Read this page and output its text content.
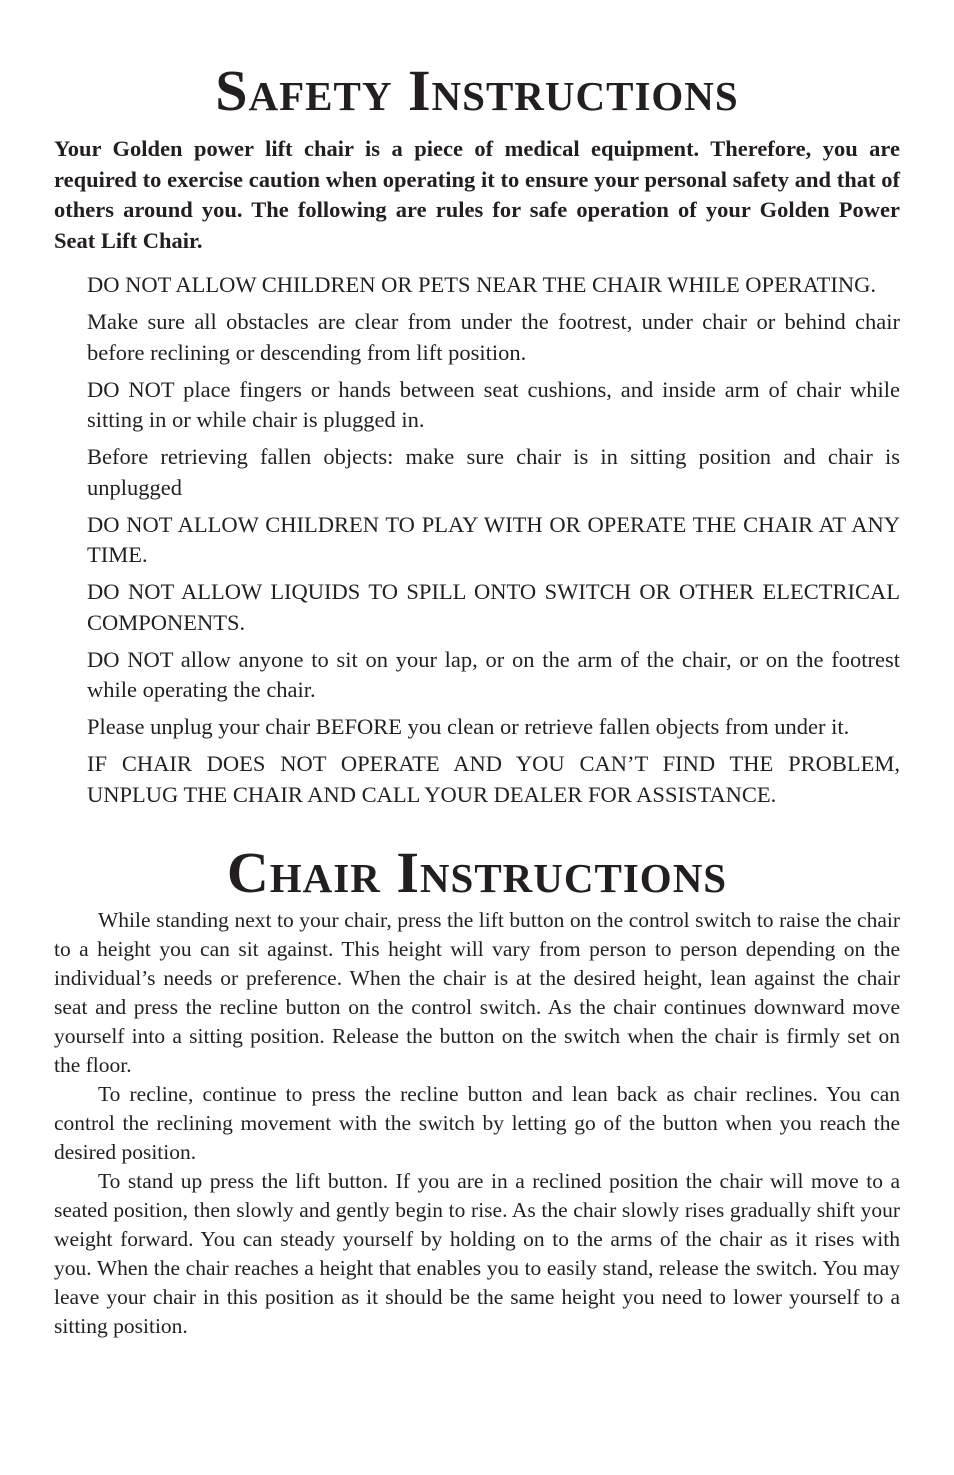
Safety Instructions

Your Golden power lift chair is a piece of medical equipment. Therefore, you are required to exercise caution when operating it to ensure your personal safety and that of others around you. The following are rules for safe operation of your Golden Power Seat Lift Chair.

DO NOT ALLOW CHILDREN OR PETS NEAR THE CHAIR WHILE OPERATING.
Make sure all obstacles are clear from under the footrest, under chair or behind chair before reclining or descending from lift position.
DO NOT place fingers or hands between seat cushions, and inside arm of chair while sitting in or while chair is plugged in.
Before retrieving fallen objects: make sure chair is in sitting position and chair is unplugged
DO NOT ALLOW CHILDREN TO PLAY WITH OR OPERATE THE CHAIR AT ANY TIME.
DO NOT ALLOW LIQUIDS TO SPILL ONTO SWITCH OR OTHER ELECTRICAL COMPONENTS.
DO NOT allow anyone to sit on your lap, or on the arm of the chair, or on the footrest while operating the chair.
Please unplug your chair BEFORE you clean or retrieve fallen objects from under it.
IF CHAIR DOES NOT OPERATE AND YOU CAN’T FIND THE PROBLEM, UNPLUG THE CHAIR AND CALL YOUR DEALER FOR ASSISTANCE.
Chair Instructions

While standing next to your chair, press the lift button on the control switch to raise the chair to a height you can sit against. This height will vary from person to person depending on the individual’s needs or preference. When the chair is at the desired height, lean against the chair seat and press the recline button on the control switch. As the chair continues downward move yourself into a sitting position. Release the button on the switch when the chair is firmly set on the floor.

To recline, continue to press the recline button and lean back as chair reclines. You can control the reclining movement with the switch by letting go of the button when you reach the desired position.

To stand up press the lift button. If you are in a reclined position the chair will move to a seated position, then slowly and gently begin to rise. As the chair slowly rises gradually shift your weight forward. You can steady yourself by holding on to the arms of the chair as it rises with you. When the chair reaches a height that enables you to easily stand, release the switch. You may leave your chair in this position as it should be the same height you need to lower yourself to a sitting position.
